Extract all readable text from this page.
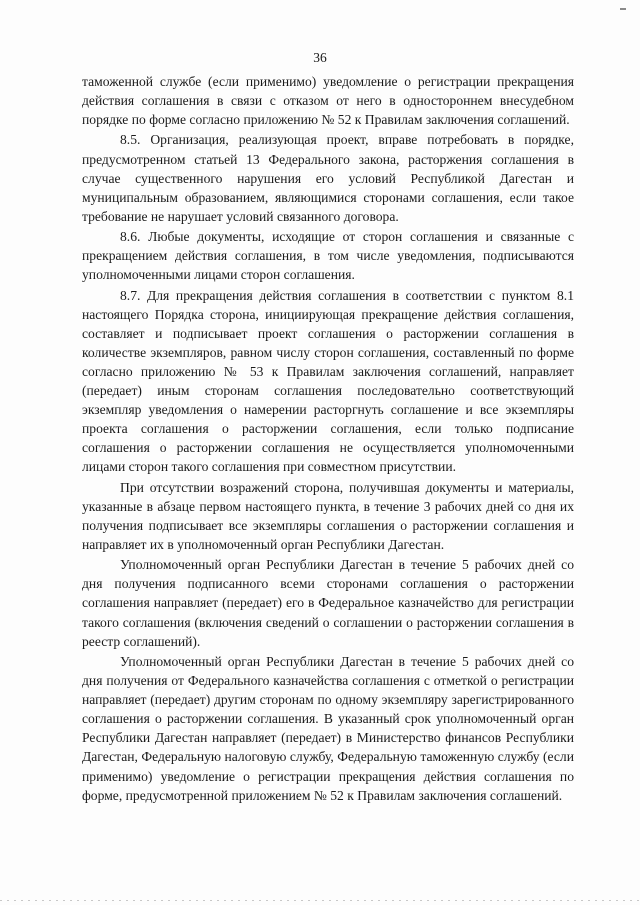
36

таможенной службе (если применимо) уведомление о регистрации прекращения действия соглашения в связи с отказом от него в одностороннем внесудебном порядке по форме согласно приложению № 52 к Правилам заключения соглашений.

8.5. Организация, реализующая проект, вправе потребовать в порядке, предусмотренном статьей 13 Федерального закона, расторжения соглашения в случае существенного нарушения его условий Республикой Дагестан и муниципальным образованием, являющимися сторонами соглашения, если такое требование не нарушает условий связанного договора.

8.6. Любые документы, исходящие от сторон соглашения и связанные с прекращением действия соглашения, в том числе уведомления, подписываются уполномоченными лицами сторон соглашения.

8.7. Для прекращения действия соглашения в соответствии с пунктом 8.1 настоящего Порядка сторона, инициирующая прекращение действия соглашения, составляет и подписывает проект соглашения о расторжении соглашения в количестве экземпляров, равном числу сторон соглашения, составленный по форме согласно приложению № 53 к Правилам заключения соглашений, направляет (передает) иным сторонам соглашения последовательно соответствующий экземпляр уведомления о намерении расторгнуть соглашение и все экземпляры проекта соглашения о расторжении соглашения, если только подписание соглашения о расторжении соглашения не осуществляется уполномоченными лицами сторон такого соглашения при совместном присутствии.

При отсутствии возражений сторона, получившая документы и материалы, указанные в абзаце первом настоящего пункта, в течение 3 рабочих дней со дня их получения подписывает все экземпляры соглашения о расторжении соглашения и направляет их в уполномоченный орган Республики Дагестан.

Уполномоченный орган Республики Дагестан в течение 5 рабочих дней со дня получения подписанного всеми сторонами соглашения о расторжении соглашения направляет (передает) его в Федеральное казначейство для регистрации такого соглашения (включения сведений о соглашении о расторжении соглашения в реестр соглашений).

Уполномоченный орган Республики Дагестан в течение 5 рабочих дней со дня получения от Федерального казначейства соглашения с отметкой о регистрации направляет (передает) другим сторонам по одному экземпляру зарегистрированного соглашения о расторжении соглашения. В указанный срок уполномоченный орган Республики Дагестан направляет (передает) в Министерство финансов Республики Дагестан, Федеральную налоговую службу, Федеральную таможенную службу (если применимо) уведомление о регистрации прекращения действия соглашения по форме, предусмотренной приложением № 52 к Правилам заключения соглашений.
